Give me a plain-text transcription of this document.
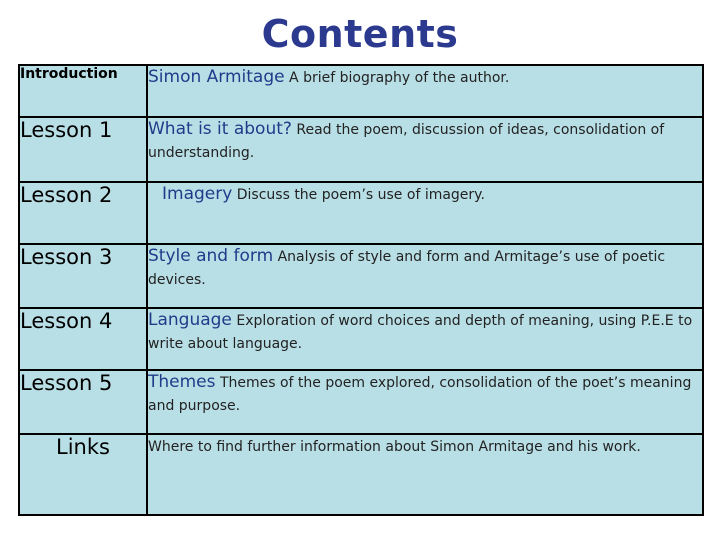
Contents
Introduction	Simon Armitage A brief biography of the author.
Lesson 1	What is it about? Read the poem, discussion of ideas, consolidation of understanding.
Lesson 2	Imagery Discuss the poem’s use of imagery.
Lesson 3	Style and form Analysis of style and form and Armitage’s use of poetic devices.
Lesson 4	Language Exploration of word choices and depth of meaning, using P.E.E to write about language.
Lesson 5	Themes Themes of the poem explored, consolidation of the poet’s meaning and purpose.
Links	Where to find further information about Simon Armitage and his work.
